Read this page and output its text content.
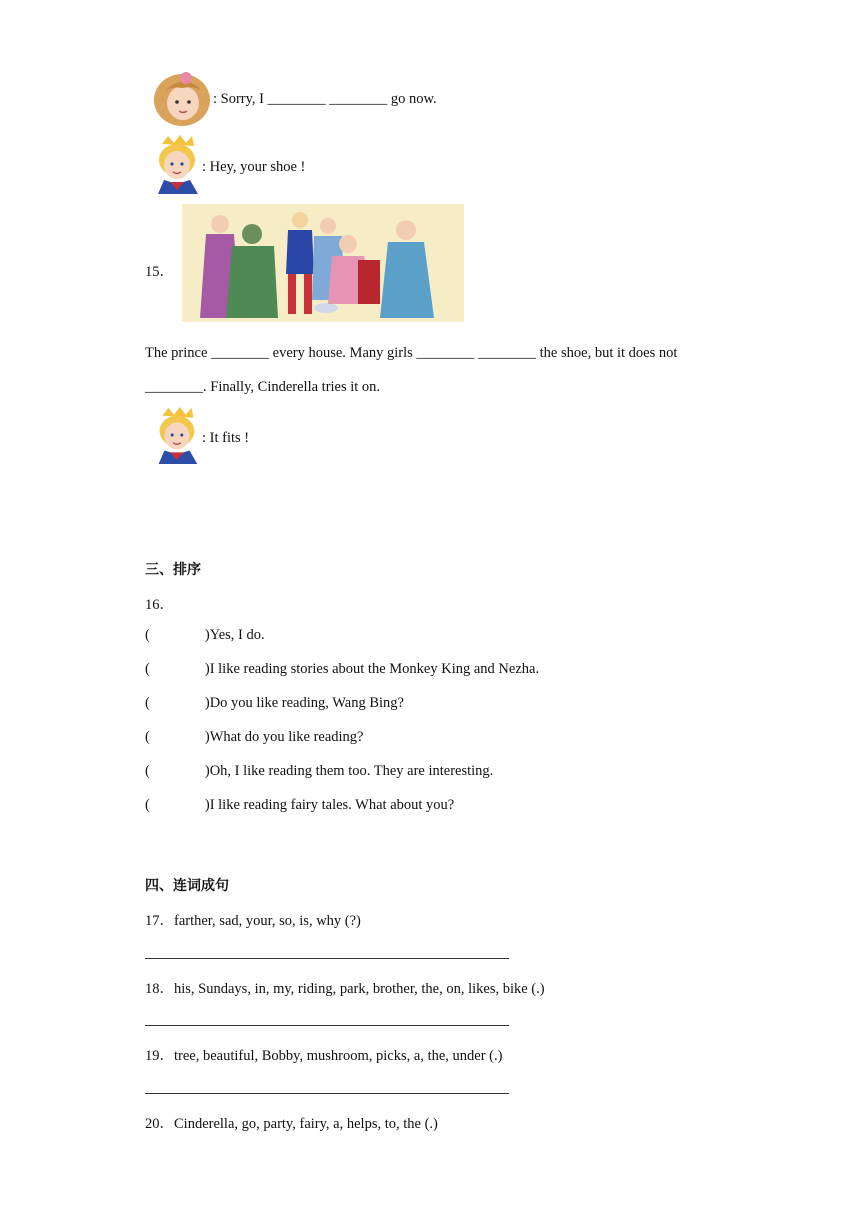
: Sorry, I ________ ________ go now.
: Hey, your shoe !
15．
The prince ________ every house. Many girls ________ ________ the shoe, but it does not
________. Finally, Cinderella tries it on.
: It fits !
三、排序
16．
(	)Yes, I do.
(	)I like reading stories about the Monkey King and Nezha.
(	)Do you like reading, Wang Bing?
(	)What do you like reading?
(	)Oh, I like reading them too. They are interesting.
(	)I like reading fairy tales. What about you?
四、连词成句
17．farther, sad, your, so, is, why (?)
18．his, Sundays, in, my, riding, park, brother, the, on, likes, bike (.)
19．tree, beautiful, Bobby, mushroom, picks, a, the, under (.)
20．Cinderella, go, party, fairy, a, helps, to, the (.)
